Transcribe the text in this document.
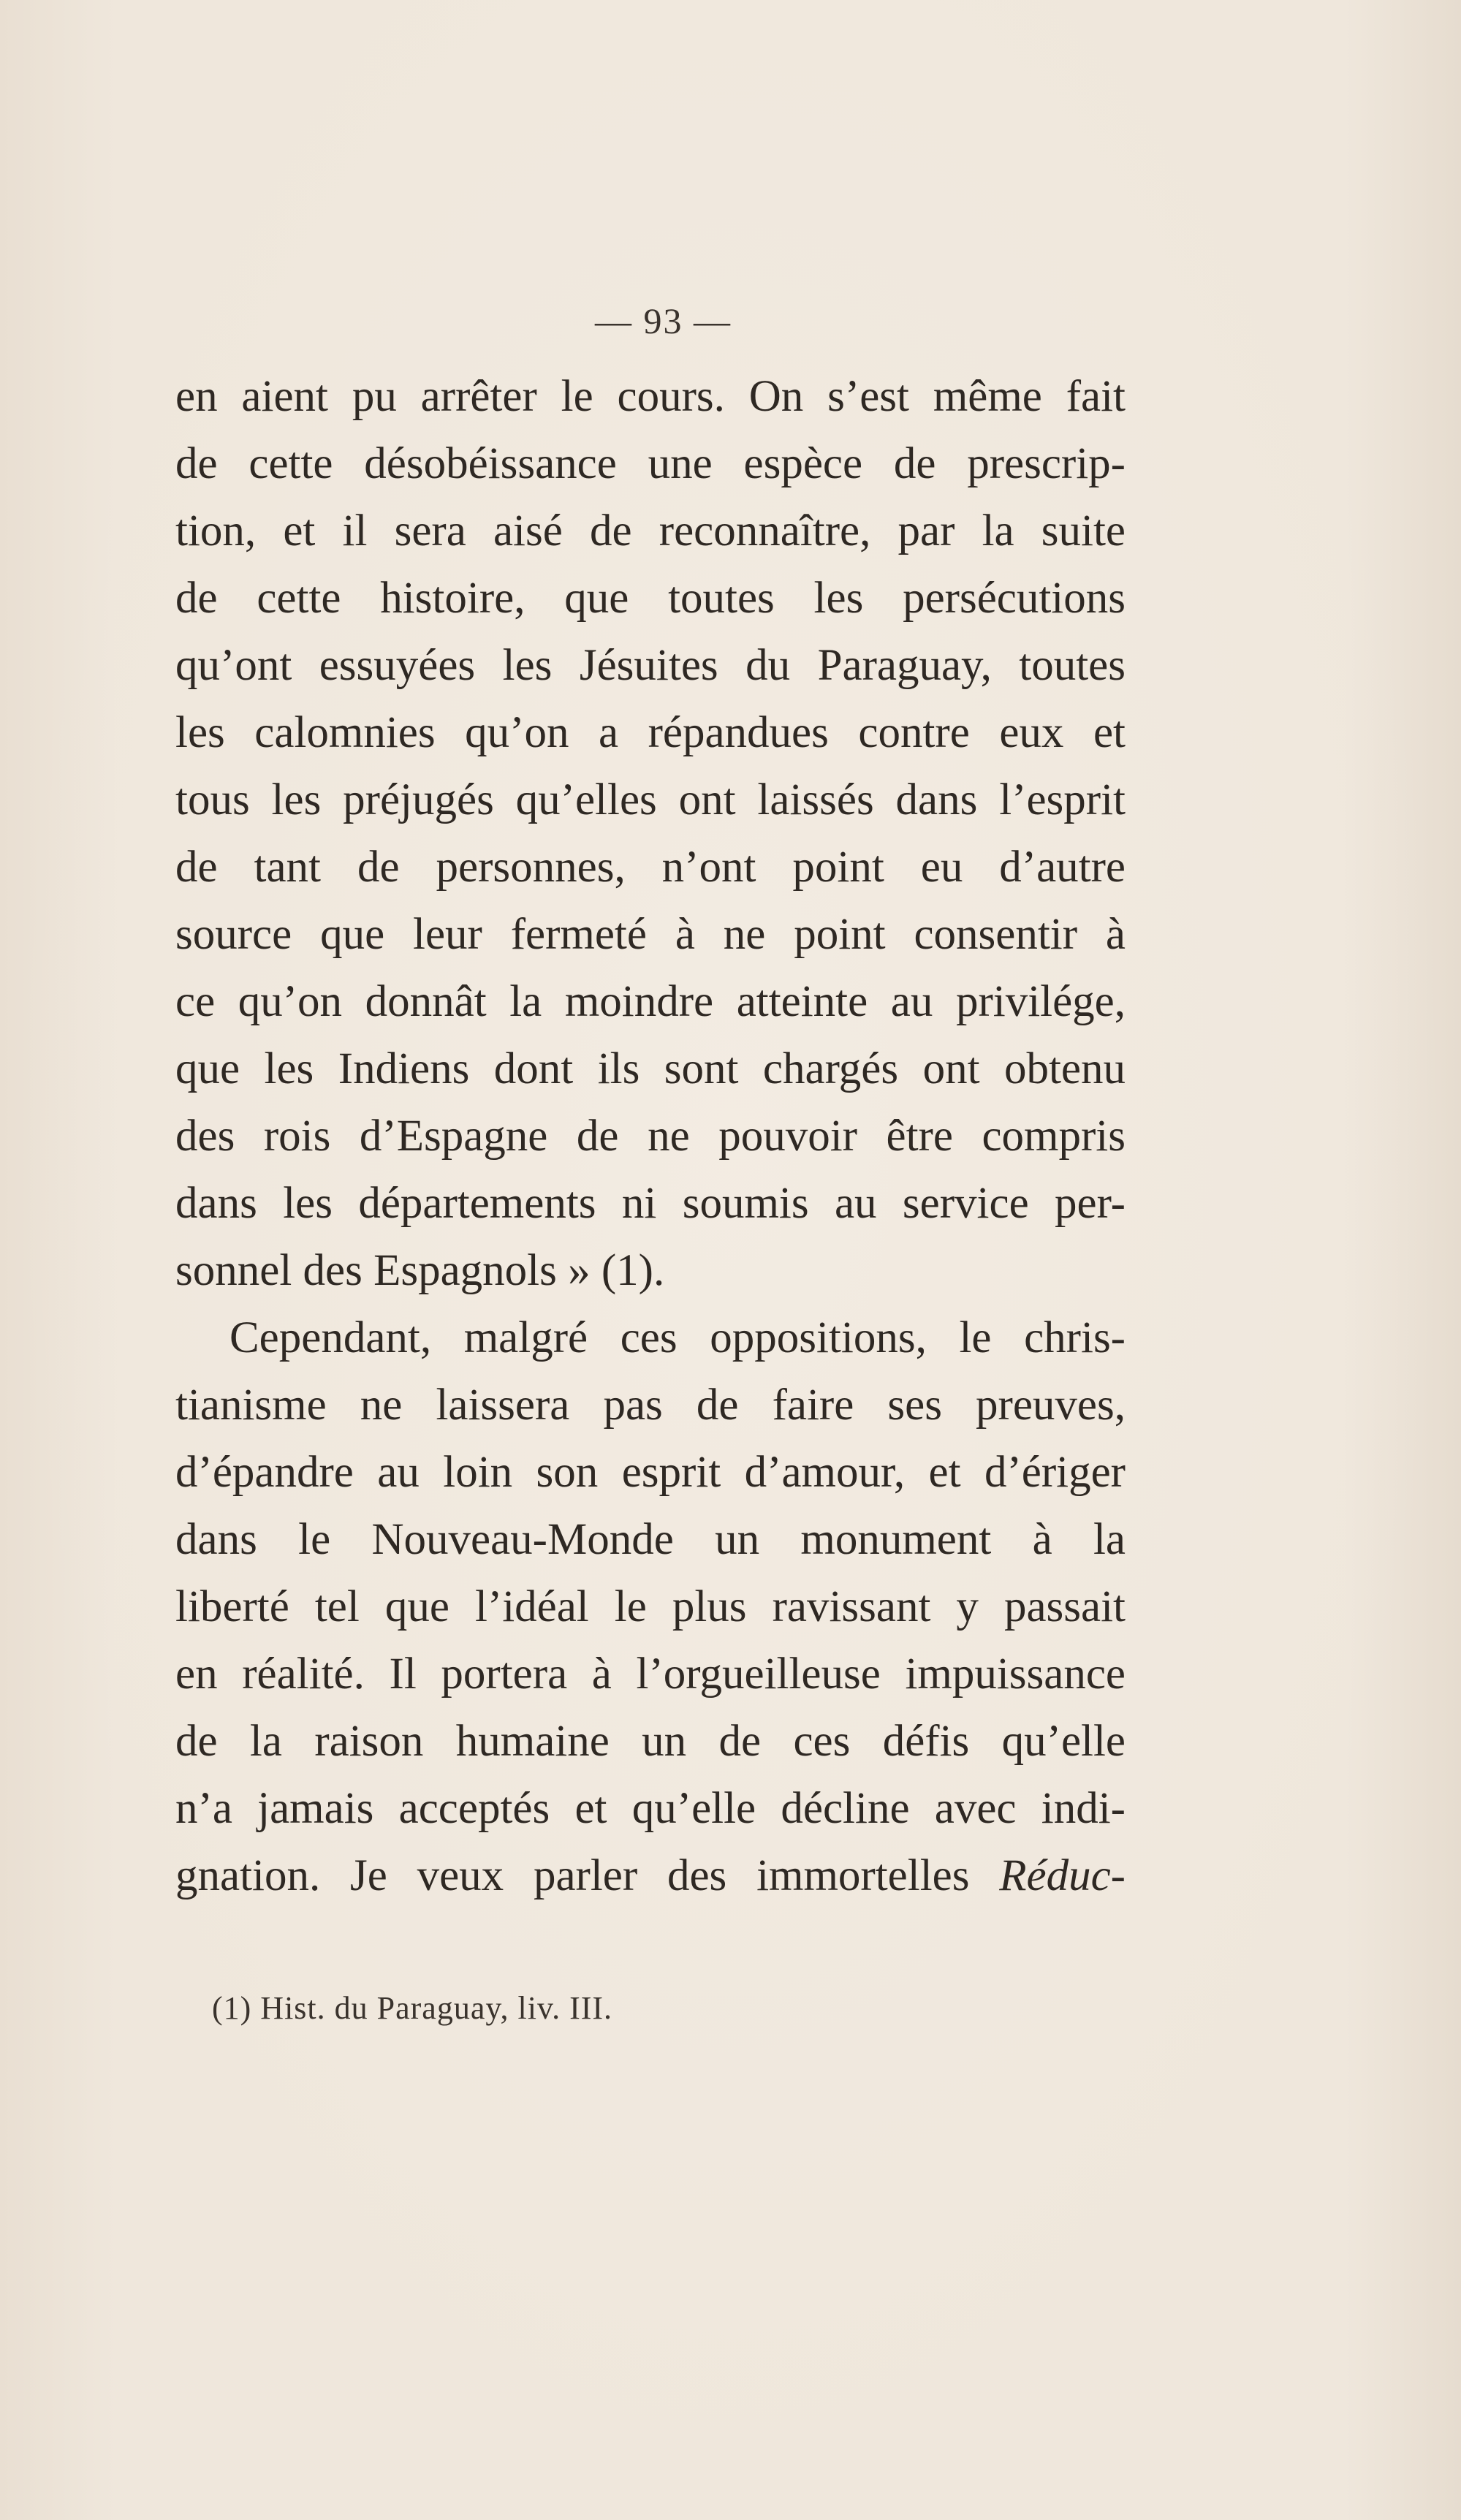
— 93 —
en aient pu arrêter le cours. On s’est même fait
de cette désobéissance une espèce de prescrip-
tion, et il sera aisé de reconnaître, par la suite
de cette histoire, que toutes les persécutions
qu’ont essuyées les Jésuites du Paraguay, toutes
les calomnies qu’on a répandues contre eux et
tous les préjugés qu’elles ont laissés dans l’esprit
de tant de personnes, n’ont point eu d’autre
source que leur fermeté à ne point consentir à
ce qu’on donnât la moindre atteinte au privilége,
que les Indiens dont ils sont chargés ont obtenu
des rois d’Espagne de ne pouvoir être compris
dans les départements ni soumis au service per-
sonnel des Espagnols » (1).
Cependant, malgré ces oppositions, le chris-
tianisme ne laissera pas de faire ses preuves,
d’épandre au loin son esprit d’amour, et d’ériger
dans le Nouveau-Monde un monument à la
liberté tel que l’idéal le plus ravissant y passait
en réalité. Il portera à l’orgueilleuse impuissance
de la raison humaine un de ces défis qu’elle
n’a jamais acceptés et qu’elle décline avec indi-
gnation. Je veux parler des immortelles Réduc-
(1) Hist. du Paraguay, liv. III.
